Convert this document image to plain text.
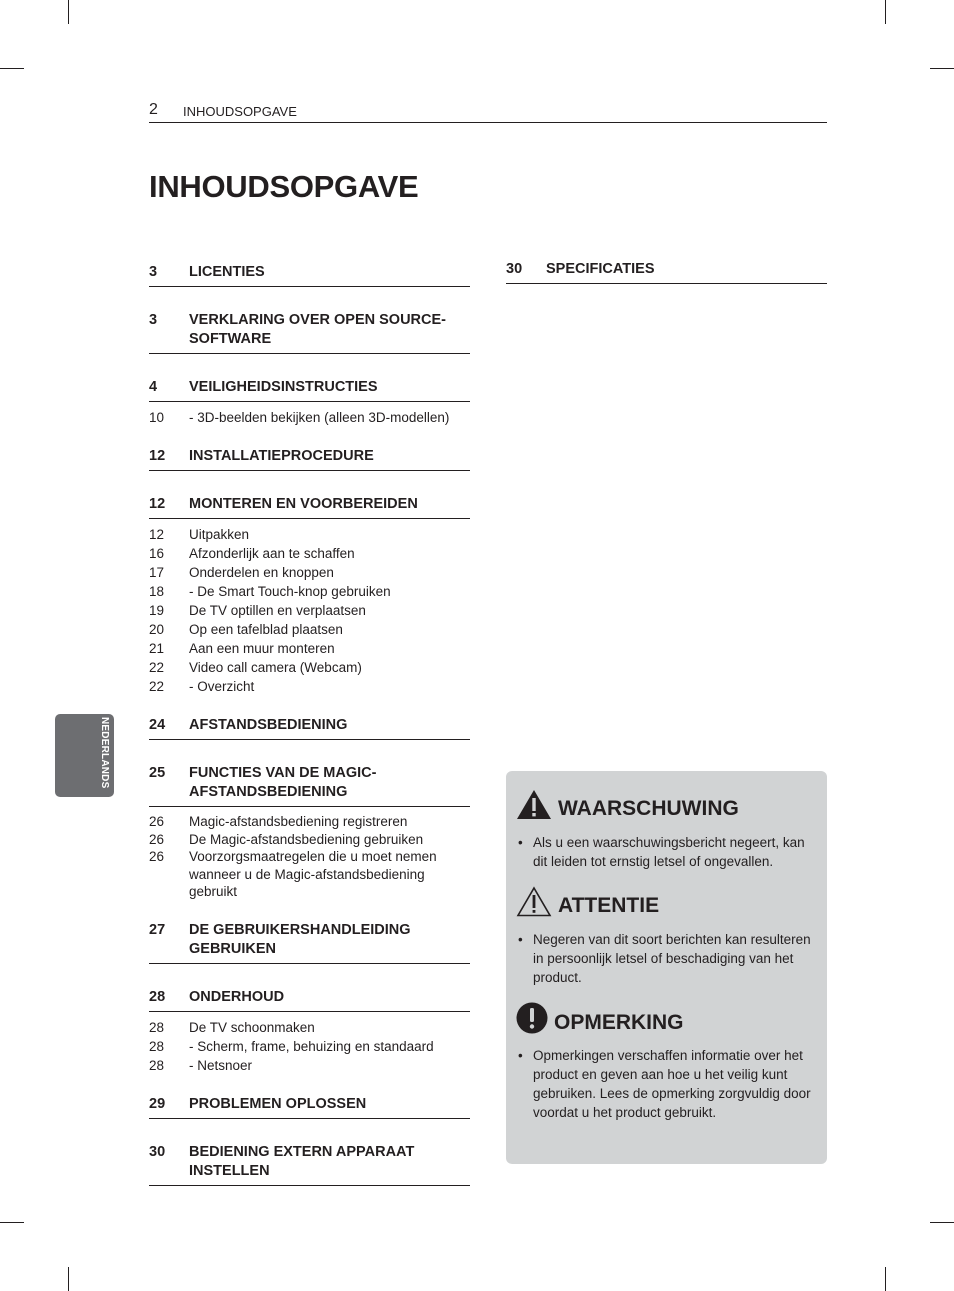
2 INHOUDSOPGAVE
INHOUDSOPGAVE
NEDERLANDS
3	LICENTIES
3	VERKLARING OVER OPEN SOURCE-
SOFTWARE
4	VEILIGHEIDSINSTRUCTIES
10	- 3D-beelden bekijken (alleen 3D-modellen)
12	INSTALLATIEPROCEDURE
12	MONTEREN EN VOORBEREIDEN
12	Uitpakken
16	Afzonderlijk aan te schaffen
17	Onderdelen en knoppen
18	- De Smart Touch-knop gebruiken
19	De TV optillen en verplaatsen
20	Op een tafelblad plaatsen
21	Aan een muur monteren
22	Video call camera (Webcam)
22	- Overzicht
24	AFSTANDSBEDIENING
25	FUNCTIES VAN DE MAGIC-
AFSTANDSBEDIENING
26	Magic-afstandsbediening registreren
26	De Magic-afstandsbediening gebruiken
26	Voorzorgsmaatregelen die u moet nemen wanneer u de Magic-afstandsbediening gebruikt
27	DE GEBRUIKERSHANDLEIDING
GEBRUIKEN
28	ONDERHOUD
28	De TV schoonmaken
28	- Scherm, frame, behuizing en standaard
28	- Netsnoer
29	PROBLEMEN OPLOSSEN
30	BEDIENING EXTERN APPARAAT
INSTELLEN
30	SPECIFICATIES
WAARSCHUWING
• Als u een waarschuwingsbericht negeert, kan dit leiden tot ernstig letsel of ongevallen.
ATTENTIE
• Negeren van dit soort berichten kan resulteren in persoonlijk letsel of beschadiging van het product.
OPMERKING
• Opmerkingen verschaffen informatie over het product en geven aan hoe u het veilig kunt gebruiken. Lees de opmerking zorgvuldig door voordat u het product gebruikt.
